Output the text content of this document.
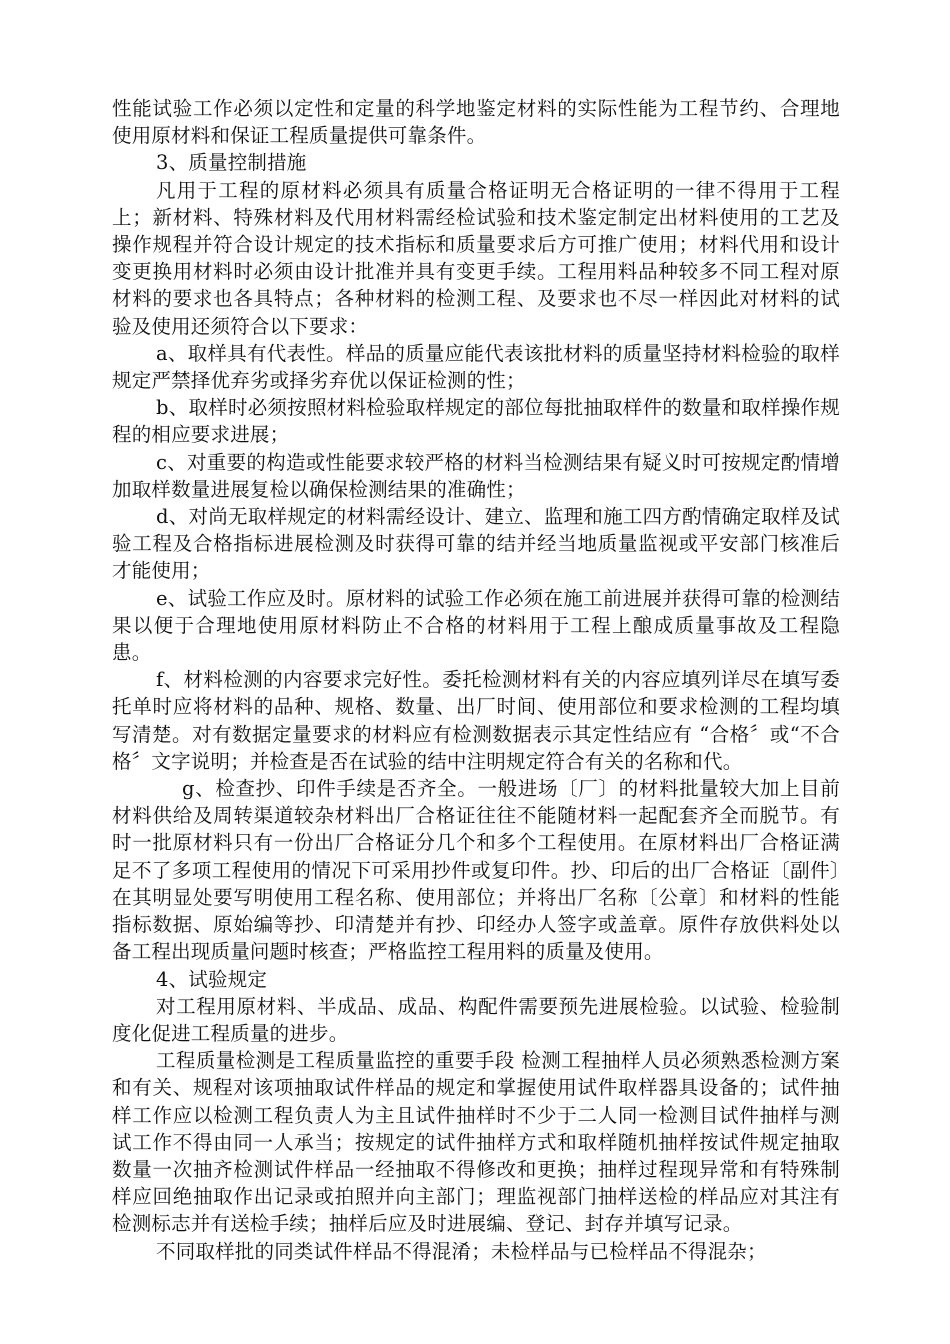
性能试验工作必须以定性和定量的科学地鉴定材料的实际性能为工程节约、合理地使用原材料和保证工程质量提供可靠条件。

3、质量控制措施

凡用于工程的原材料必须具有质量合格证明无合格证明的一律不得用于工程上；新材料、特殊材料及代用材料需经检试验和技术鉴定制定出材料使用的工艺及操作规程并符合设计规定的技术指标和质量要求后方可推广使用；材料代用和设计变更换用材料时必须由设计批准并具有变更手续。工程用料品种较多不同工程对原材料的要求也各具特点；各种材料的检测工程、及要求也不尽一样因此对材料的试验及使用还须符合以下要求：

a、取样具有代表性。样品的质量应能代表该批材料的质量坚持材料检验的取样规定严禁择优弃劣或择劣弃优以保证检测的性；

b、取样时必须按照材料检验取样规定的部位每批抽取样件的数量和取样操作规程的相应要求进展；

c、对重要的构造或性能要求较严格的材料当检测结果有疑义时可按规定酌情增加取样数量进展复检以确保检测结果的准确性；

d、对尚无取样规定的材料需经设计、建立、监理和施工四方酌情确定取样及试验工程及合格指标进展检测及时获得可靠的结并经当地质量监视或平安部门核准后才能使用；

e、试验工作应及时。原材料的试验工作必须在施工前进展并获得可靠的检测结果以便于合理地使用原材料防止不合格的材料用于工程上酿成质量事故及工程隐患。

f、材料检测的内容要求完好性。委托检测材料有关的内容应填列详尽在填写委托单时应将材料的品种、规格、数量、出厂时间、使用部位和要求检测的工程均填写清楚。对有数据定量要求的材料应有检测数据表示其定性结应有 “合格〞或“不合格〞文字说明；并检查是否在试验的结中注明规定符合有关的名称和代。

g、检查抄、印件手续是否齐全。一般进场〔厂〕的材料批量较大加上目前材料供给及周转渠道较杂材料出厂合格证往往不能随材料一起配套齐全而脱节。有时一批原材料只有一份出厂合格证分几个和多个工程使用。在原材料出厂合格证满足不了多项工程使用的情况下可采用抄件或复印件。抄、印后的出厂合格证〔副件〕在其明显处要写明使用工程名称、使用部位；并将出厂名称〔公章〕和材料的性能指标数据、原始编等抄、印清楚并有抄、印经办人签字或盖章。原件存放供料处以备工程出现质量问题时核查；严格监控工程用料的质量及使用。

4、试验规定

对工程用原材料、半成品、成品、构配件需要预先进展检验。以试验、检验制度化促进工程质量的进步。

工程质量检测是工程质量监控的重要手段 检测工程抽样人员必须熟悉检测方案和有关、规程对该项抽取试件样品的规定和掌握使用试件取样器具设备的；试件抽样工作应以检测工程负责人为主且试件抽样时不少于二人同一检测目试件抽样与测试工作不得由同一人承当；按规定的试件抽样方式和取样随机抽样按试件规定抽取数量一次抽齐检测试件样品一经抽取不得修改和更换；抽样过程现异常和有特殊制样应回绝抽取作出记录或拍照并向主部门；理监视部门抽样送检的样品应对其注有检测标志并有送检手续；抽样后应及时进展编、登记、封存并填写记录。

不同取样批的同类试件样品不得混淆；未检样品与已检样品不得混杂；
